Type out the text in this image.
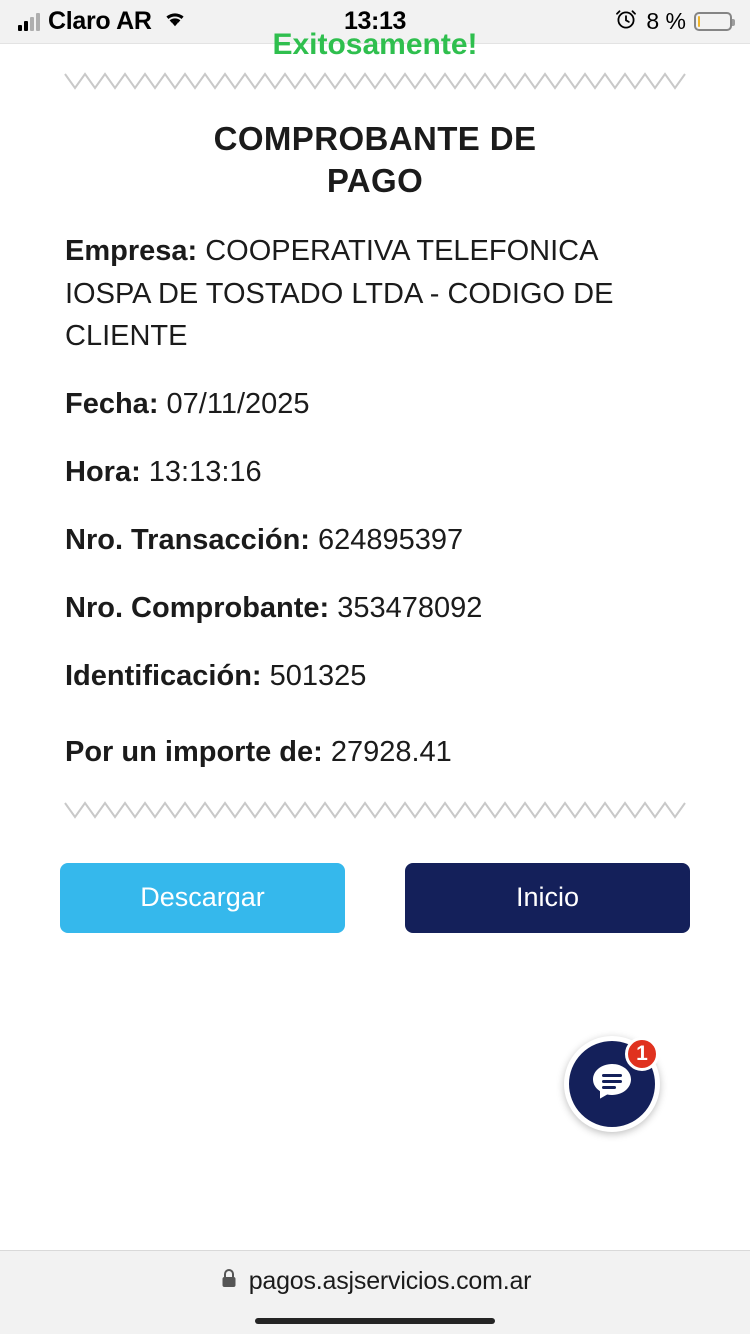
Claro AR	13:13	8 %
Exitosamente!
COMPROBANTE DE PAGO
Empresa: COOPERATIVA TELEFONICA IOSPA DE TOSTADO LTDA - CODIGO DE CLIENTE
Fecha: 07/11/2025
Hora: 13:13:16
Nro. Transacción: 624895397
Nro. Comprobante: 353478092
Identificación: 501325
Por un importe de: 27928.41
Descargar	Inicio
1
pagos.asjservicios.com.ar
